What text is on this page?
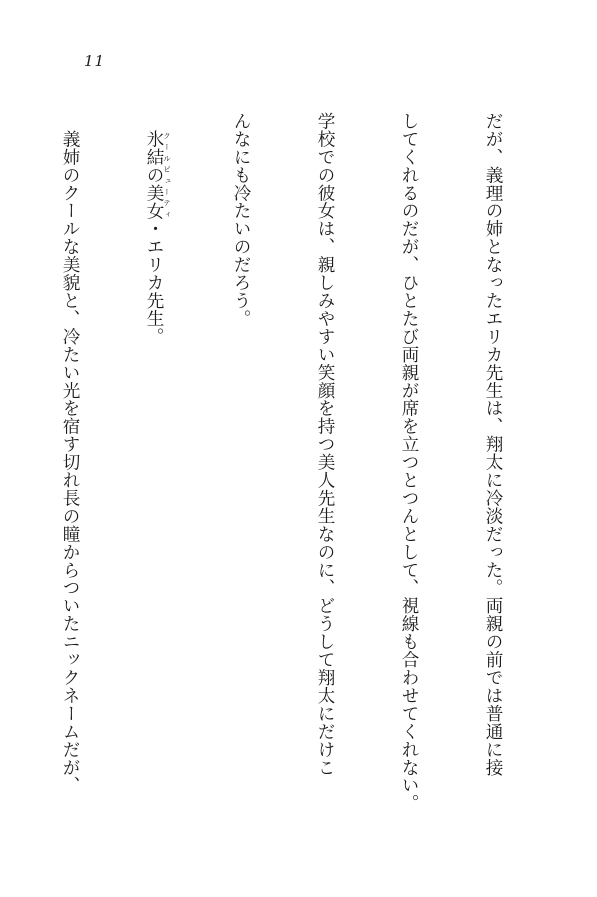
11

だが、義理の姉となったエリカ先生は、翔太に冷淡だった。両親の前では普通に接

してくれるのだが、ひとたび両親が席を立つとつんとして、視線も合わせてくれない。

学校での彼女は、親しみやすい笑顔を持つ美人先生なのに、どうして翔太にだけこ

んなにも冷たいのだろう。

　氷結の美女クールビューティ・エリカ先生。

　義姉のクールな美貌と、冷たい光を宿す切れ長の瞳からついたニックネームだが、
